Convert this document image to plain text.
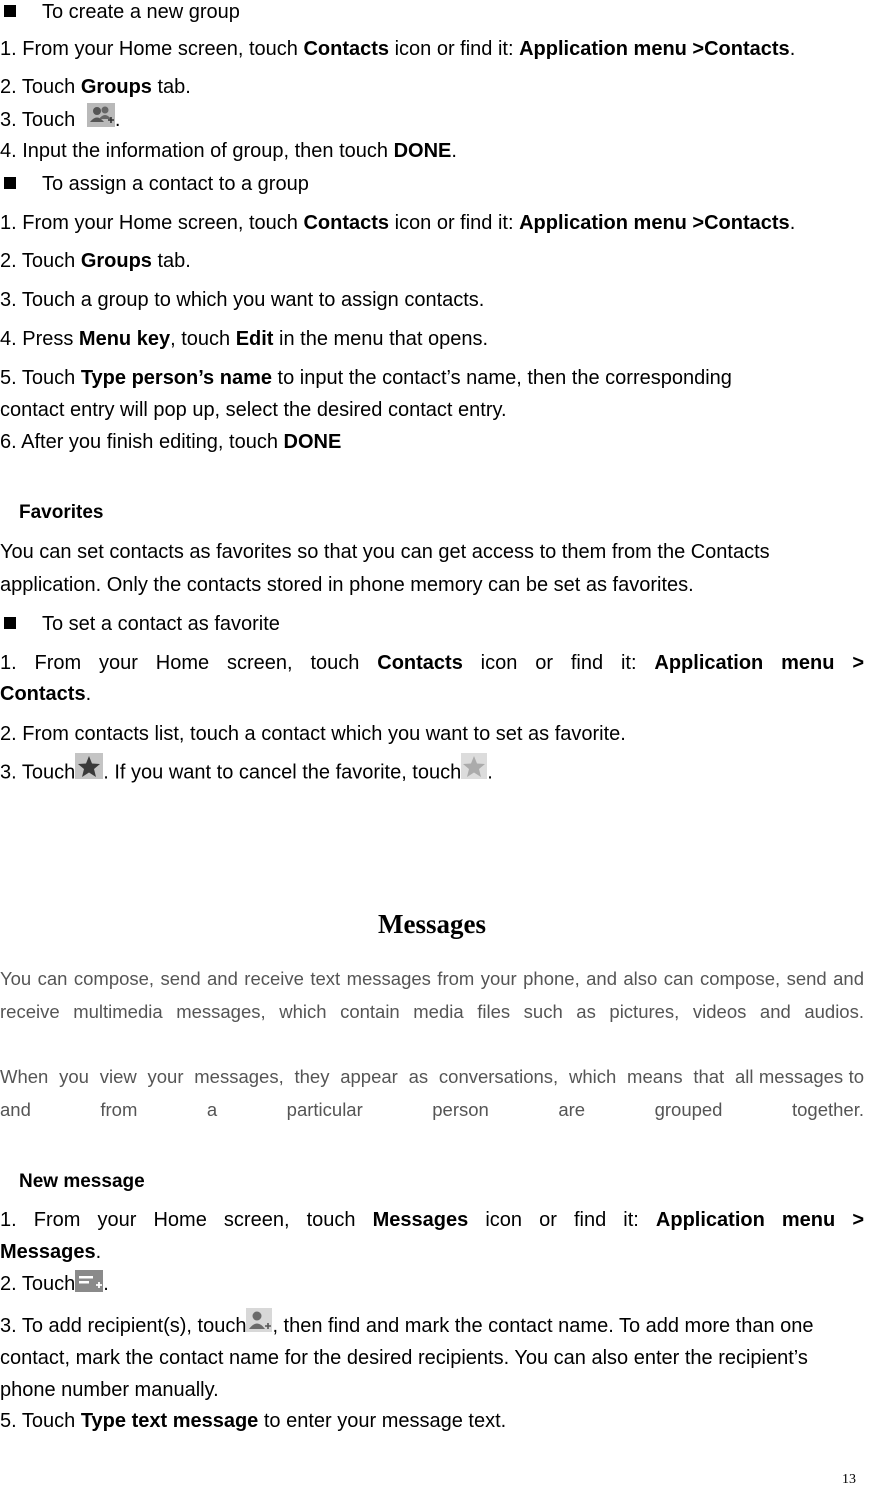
To create a new group

1. From your Home screen, touch Contacts icon or find it: Application menu >Contacts.

2. Touch Groups tab.

3. Touch
.

4. Input the information of group, then touch DONE.

To assign a contact to a group

1. From your Home screen, touch Contacts icon or find it: Application menu >Contacts.

2. Touch Groups tab.

3. Touch a group to which you want to assign contacts.

4. Press Menu key, touch Edit in the menu that opens.

5. Touch Type person’s name to input the contact’s name, then the corresponding

contact entry will pop up, select the desired contact entry.

6. After you finish editing, touch DONE

Favorites

You can set contacts as favorites so that you can get access to them from the Contacts

application. Only the contacts stored in phone memory can be set as favorites.

To set a contact as favorite

1.  From  your  Home  screen,  touch  Contacts  icon  or  find  it:  Application  menu  >

Contacts.

2. From contacts list, touch a contact which you want to set as favorite.

3. Touch . If you want to cancel the favorite, touch .

Messages

You can compose, send and receive text messages from your phone, and also can compose, send and receive multimedia messages, which contain media files such as pictures, videos and audios.

When  you  view  your  messages,  they  appear  as  conversations,  which  means  that  all messages to and from a particular person are grouped together.

New message

1.  From  your  Home  screen,  touch  Messages  icon  or  find  it:  Application  menu  >

Messages.

2. Touch .

3. To add recipient(s), touch , then find and mark the contact name. To add more than one contact, mark the contact name for the desired recipients. You can also enter the recipient’s phone number manually.

5. Touch Type text message to enter your message text.

13
